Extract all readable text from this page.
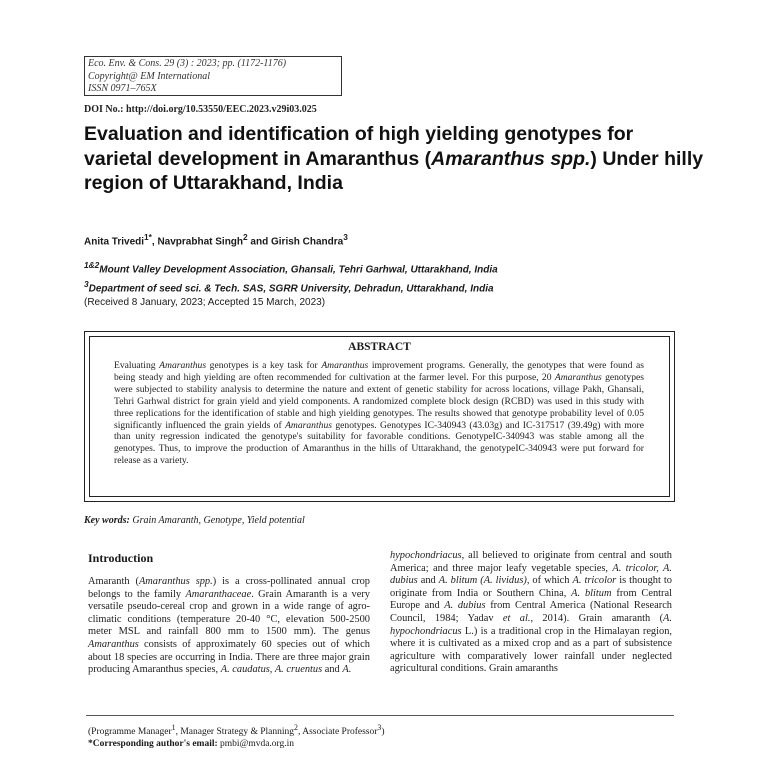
Eco. Env. & Cons. 29 (3) : 2023; pp. (1172-1176)
Copyright@ EM International
ISSN 0971–765X
DOI No.: http://doi.org/10.53550/EEC.2023.v29i03.025
Evaluation and identification of high yielding genotypes for varietal development in Amaranthus (Amaranthus spp.) Under hilly region of Uttarakhand, India
Anita Trivedi$^{1*}$, Navprabhat Singh$^2$ and Girish Chandra$^3$
$^{1\&2}$Mount Valley Development Association, Ghansali, Tehri Garhwal, Uttarakhand, India
$^3$Department of seed sci. & Tech. SAS, SGRR University, Dehradun, Uttarakhand, India
(Received 8 January, 2023; Accepted 15 March, 2023)
ABSTRACT
Evaluating Amaranthus genotypes is a key task for Amaranthus improvement programs. Generally, the genotypes that were found as being steady and high yielding are often recommended for cultivation at the farmer level. For this purpose, 20 Amaranthus genotypes were subjected to stability analysis to determine the nature and extent of genetic stability for across locations, village Pakh, Ghansali, Tehri Garhwal district for grain yield and yield components. A randomized complete block design (RCBD) was used in this study with three replications for the identification of stable and high yielding genotypes. The results showed that genotype probability level of 0.05 significantly influenced the grain yields of Amaranthus genotypes. Genotypes IC-340943 (43.03g) and IC-317517 (39.49g) with more than unity regression indicated the genotype's suitability for favorable conditions. GenotypeIC-340943 was stable among all the genotypes. Thus, to improve the production of Amaranthus in the hills of Uttarakhand, the genotypeIC-340943 were put forward for release as a variety.
Key words: Grain Amaranth, Genotype, Yield potential
Introduction
Amaranth (Amaranthus spp.) is a cross-pollinated annual crop belongs to the family Amaranthaceae. Grain Amaranth is a very versatile pseudo-cereal crop and grown in a wide range of agro-climatic conditions (temperature 20-40 °C, elevation 500-2500 meter MSL and rainfall 800 mm to 1500 mm). The genus Amaranthus consists of approximately 60 species out of which about 18 species are occurring in India. There are three major grain producing Amaranthus species, A. caudatus, A. cruentus and A.
hypochondriacus, all believed to originate from central and south America; and three major leafy vegetable species, A. tricolor, A. dubius and A. blitum (A. lividus), of which A. tricolor is thought to originate from India or Southern China, A. blitum from Central Europe and A. dubius from Central America (National Research Council, 1984; Yadav et al., 2014). Grain amaranth (A. hypochondriacus L.) is a traditional crop in the Himalayan region, where it is cultivated as a mixed crop and as a part of subsistence agriculture with comparatively lower rainfall under neglected agricultural conditions. Grain amaranths
(Programme Manager$^1$, Manager Strategy & Planning$^2$, Associate Professor$^3$)
*Corresponding author's email: pmbi@mvda.org.in
